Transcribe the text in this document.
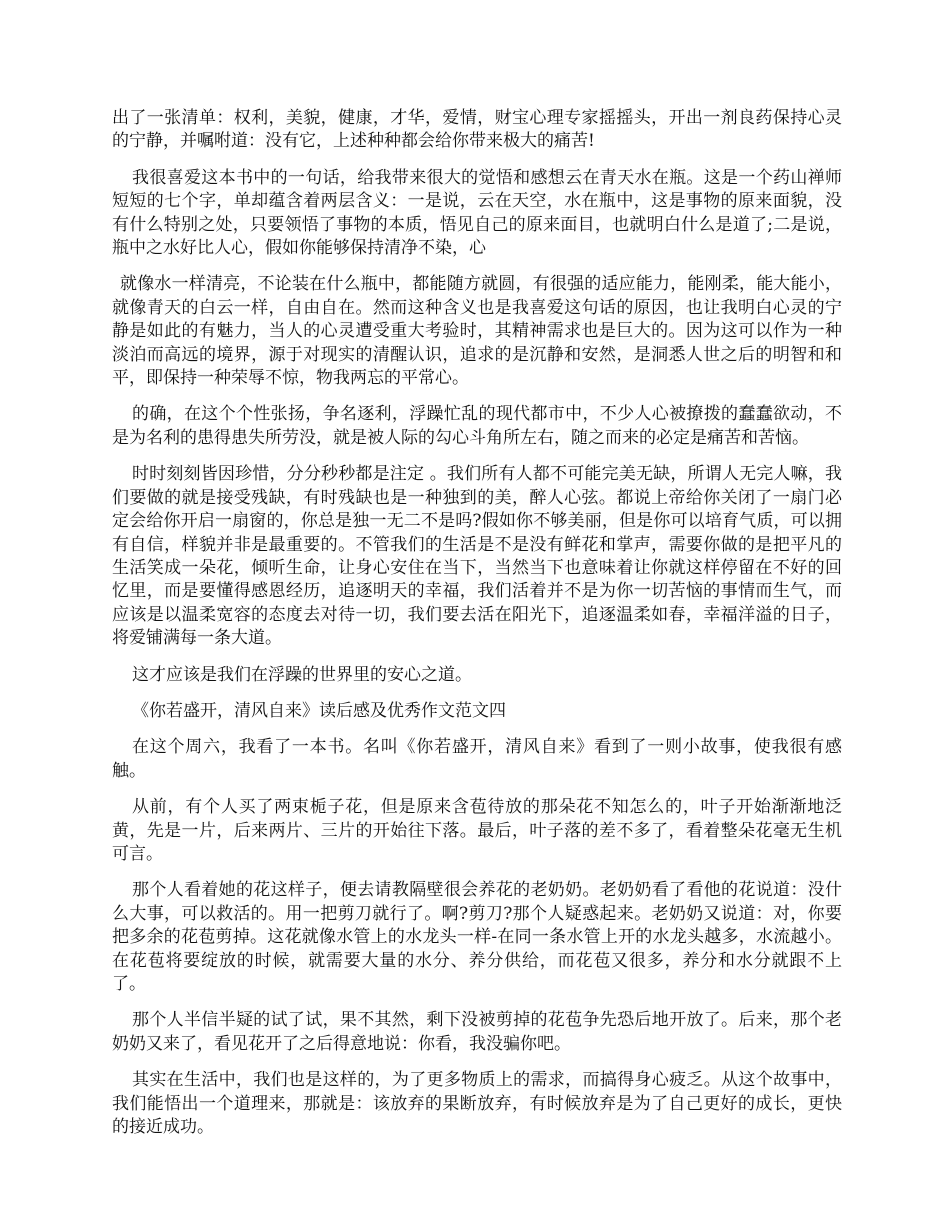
出了一张清单：权利，美貌，健康，才华，爱情，财宝心理专家摇摇头，开出一剂良药保持心灵的宁静，并嘱咐道：没有它，上述种种都会给你带来极大的痛苦!

我很喜爱这本书中的一句话，给我带来很大的觉悟和感想云在青天水在瓶。这是一个药山禅师短短的七个字，单却蕴含着两层含义：一是说，云在天空，水在瓶中，这是事物的原来面貌，没有什么特别之处，只要领悟了事物的本质，悟见自己的原来面目，也就明白什么是道了;二是说，瓶中之水好比人心，假如你能够保持清净不染，心

就像水一样清亮，不论装在什么瓶中，都能随方就圆，有很强的适应能力，能刚柔，能大能小，就像青天的白云一样，自由自在。然而这种含义也是我喜爱这句话的原因，也让我明白心灵的宁静是如此的有魅力，当人的心灵遭受重大考验时，其精神需求也是巨大的。因为这可以作为一种淡泊而高远的境界，源于对现实的清醒认识，追求的是沉静和安然，是洞悉人世之后的明智和和平，即保持一种荣辱不惊，物我两忘的平常心。

的确，在这个个性张扬，争名逐利，浮躁忙乱的现代都市中，不少人心被撩拨的蠢蠢欲动，不是为名利的患得患失所劳没，就是被人际的勾心斗角所左右，随之而来的必定是痛苦和苦恼。

时时刻刻皆因珍惜，分分秒秒都是注定 。我们所有人都不可能完美无缺，所谓人无完人嘛，我们要做的就是接受残缺，有时残缺也是一种独到的美，醉人心弦。都说上帝给你关闭了一扇门必定会给你开启一扇窗的，你总是独一无二不是吗?假如你不够美丽，但是你可以培育气质，可以拥有自信，样貌并非是最重要的。不管我们的生活是不是没有鲜花和掌声，需要你做的是把平凡的生活笑成一朵花，倾听生命，让身心安住在当下，当然当下也意味着让你就这样停留在不好的回忆里，而是要懂得感恩经历，追逐明天的幸福，我们活着并不是为你一切苦恼的事情而生气，而应该是以温柔宽容的态度去对待一切，我们要去活在阳光下，追逐温柔如春，幸福洋溢的日子，将爱铺满每一条大道。

这才应该是我们在浮躁的世界里的安心之道。

《你若盛开，清风自来》读后感及优秀作文范文四

在这个周六，我看了一本书。名叫《你若盛开，清风自来》看到了一则小故事，使我很有感触。

从前，有个人买了两束栀子花，但是原来含苞待放的那朵花不知怎么的，叶子开始渐渐地泛黄，先是一片，后来两片、三片的开始往下落。最后，叶子落的差不多了，看着整朵花毫无生机可言。

那个人看着她的花这样子，便去请教隔壁很会养花的老奶奶。老奶奶看了看他的花说道：没什么大事，可以救活的。用一把剪刀就行了。啊?剪刀?那个人疑惑起来。老奶奶又说道：对，你要把多余的花苞剪掉。这花就像水管上的水龙头一样-在同一条水管上开的水龙头越多，水流越小。在花苞将要绽放的时候，就需要大量的水分、养分供给，而花苞又很多，养分和水分就跟不上了。

那个人半信半疑的试了试，果不其然，剩下没被剪掉的花苞争先恐后地开放了。后来，那个老奶奶又来了，看见花开了之后得意地说：你看，我没骗你吧。

其实在生活中，我们也是这样的，为了更多物质上的需求，而搞得身心疲乏。从这个故事中，我们能悟出一个道理来，那就是：该放弃的果断放弃，有时候放弃是为了自己更好的成长，更快的接近成功。
